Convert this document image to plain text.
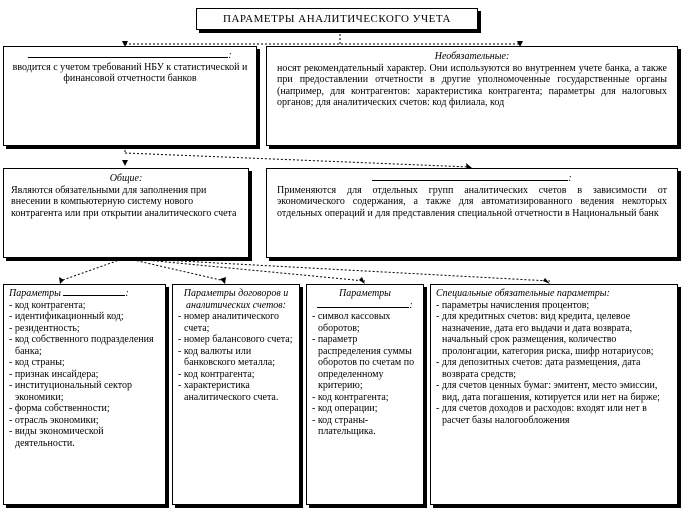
ПАРАМЕТРЫ АНАЛИТИЧЕСКОГО УЧЕТА
:
вводится с учетом требований НБУ к статистической и финансовой отчетности банков
Необязательные:
носят рекомендательный характер. Они используются во внутреннем учете банка, а также при предоставлении отчетности в другие уполномоченные государственные органы (например, для контрагентов: характеристика контрагента; параметры для налоговых органов; для аналитических счетов: код филиала, код
Общие:
Являются обязательными для заполнения при внесении в компьютерную систему нового контрагента или при открытии аналитического счета
:
Применяются для отдельных групп аналитических счетов в зависимости от экономического содержания, а также для автоматизированного ведения некоторых отдельных операций и для представления специальной отчетности в Национальный банк
Параметры	:
- код контрагента;
- идентификационный код;
- резидентность;
- код собственного подразделения банка;
- код страны;
- признак инсайдера;
- институциональный сектор экономики;
- форма собственности;
- отрасль экономики;
- виды экономической деятельности.
Параметры договоров и аналитических счетов:
- номер аналитического счета;
- номер балансового счета;
- код валюты или банковского металла;
- код контрагента;
- характеристика аналитического счета.
Параметры
:
- символ кассовых оборотов;
- параметр распределения суммы оборотов по счетам по определенному критерию;
- код контрагента;
- код операции;
- код страны-плательщика.
Специальные обязательные параметры:
- параметры начисления процентов;
- для кредитных счетов: вид кредита, целевое назначение, дата его выдачи и дата возврата, начальный срок размещения, количество пролонгации, категория риска, шифр нотариусов;
- для депозитных счетов: дата размещения, дата возврата средств;
- для счетов ценных бумаг: эмитент, место эмиссии, вид, дата погашения, котируется или нет на бирже;
- для счетов доходов и расходов: входят или нет в расчет базы налогообложения
